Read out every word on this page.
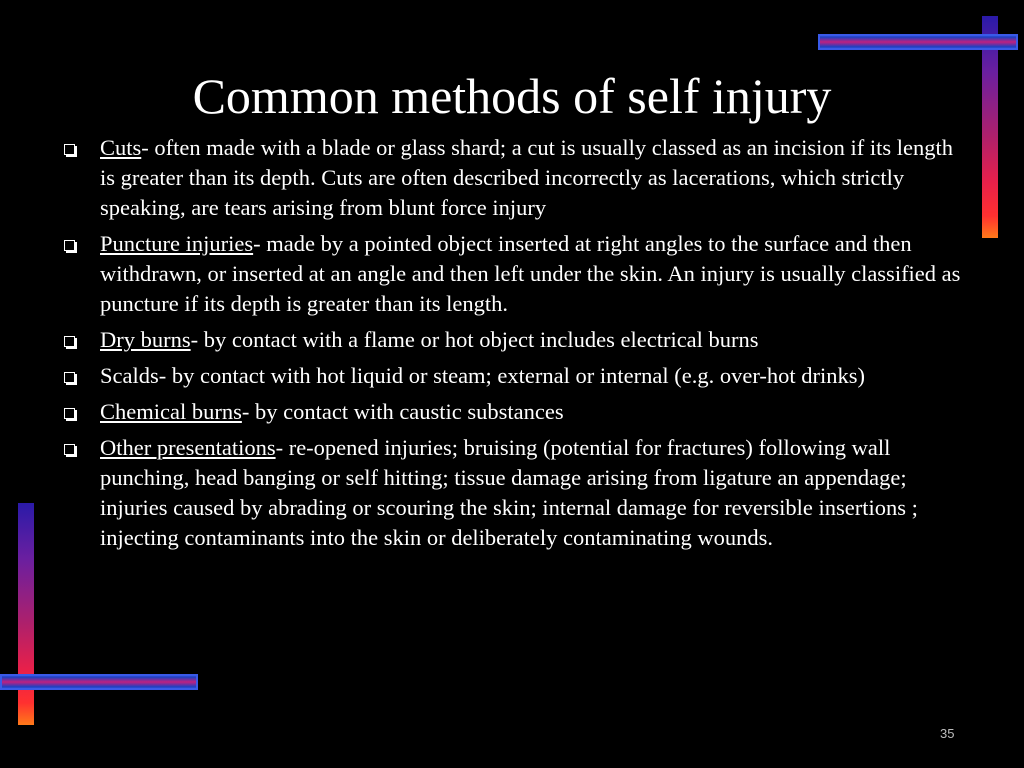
Common methods of self injury
Cuts- often made with a blade or glass shard; a cut is usually classed as an incision if its length is greater than its depth. Cuts are often described incorrectly as lacerations, which strictly speaking, are tears arising from blunt force injury
Puncture injuries- made by a pointed object inserted at right angles to the surface and then withdrawn, or inserted at an angle and then left under the skin. An injury is usually classified as puncture if its depth is greater than its length.
Dry burns- by contact with a flame or hot object includes electrical burns
Scalds- by contact with hot liquid or steam; external or internal (e.g. over-hot drinks)
Chemical burns- by contact with caustic substances
Other presentations- re-opened injuries; bruising (potential for fractures) following wall punching, head banging or self hitting; tissue damage arising from ligature an appendage; injuries caused by abrading or scouring the skin; internal damage for reversible insertions ; injecting contaminants into the skin or deliberately contaminating wounds.
35
